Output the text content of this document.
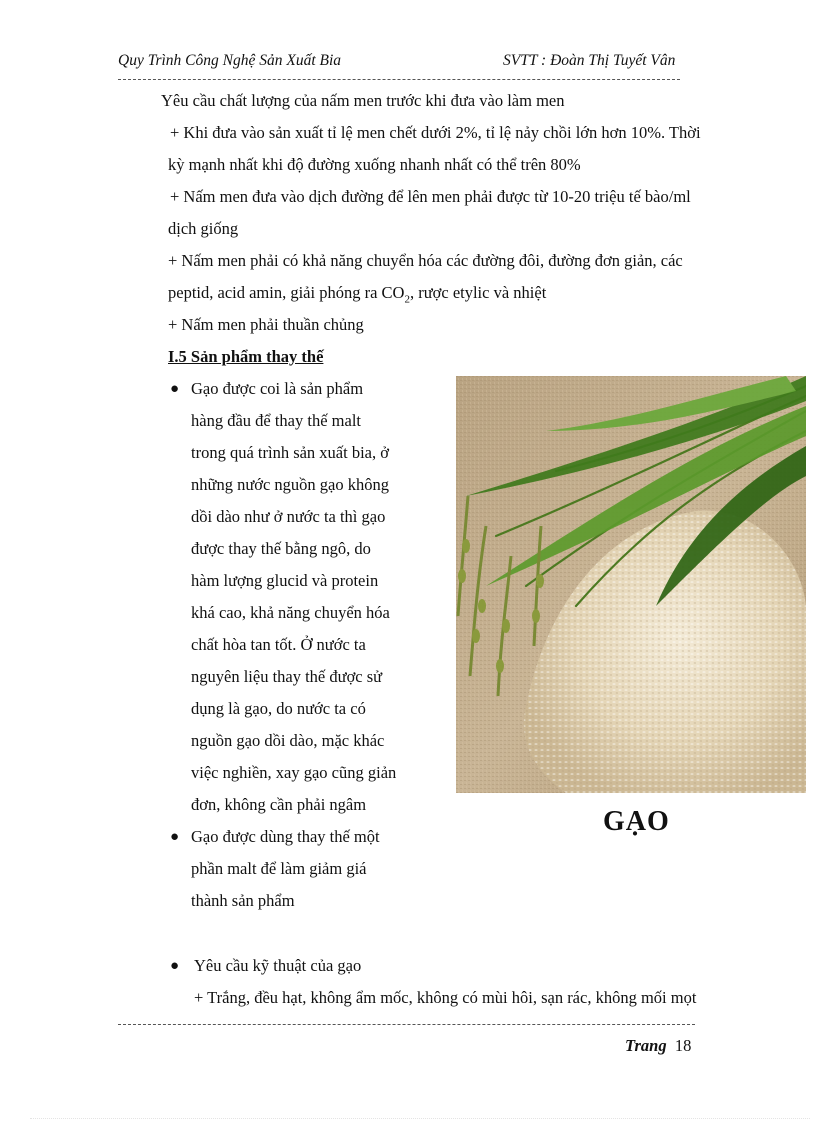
Quy Trình Công Nghệ Sản Xuất Bia	SVTT : Đoàn Thị Tuyết Vân
Yêu cầu chất lượng của nấm men trước khi đưa vào làm men
+ Khi đưa vào sản xuất tỉ lệ men chết dưới 2%, tỉ lệ nảy chồi lớn hơn 10%. Thời
kỳ mạnh nhất khi độ đường xuống nhanh nhất có thể trên 80%
+ Nấm men đưa vào dịch đường để lên men phải được từ 10-20 triệu tế bào/ml
dịch giống
+ Nấm men phải có khả năng chuyển hóa các đường đôi, đường đơn giản, các
peptid, acid amin, giải phóng ra $CO_2$, rược etylic và nhiệt
+ Nấm men phải thuần chủng
I.5 Sản phẩm thay thế
● Gạo được coi là sản phẩm
hàng đầu để thay thế malt
trong quá trình sản xuất bia, ở
những nước nguồn gạo không
dồi dào như ở nước ta thì gạo
được thay thế bằng ngô, do
hàm lượng glucid và protein
khá cao, khả năng chuyển hóa
chất hòa tan tốt. Ở nước ta
nguyên liệu thay thế được sử
dụng là gạo, do nước ta có
nguồn gạo dồi dào, mặc khác
việc nghiền, xay gạo cũng giản
đơn, không cần phải ngâm
● Gạo được dùng thay thế một
phần malt để làm giảm giá
thành sản phẩm
● Yêu cầu kỹ thuật của gạo
+ Trắng, đều hạt, không ẩm mốc, không có mùi hôi, sạn rác, không mối mọt
GẠO
Trang 18
